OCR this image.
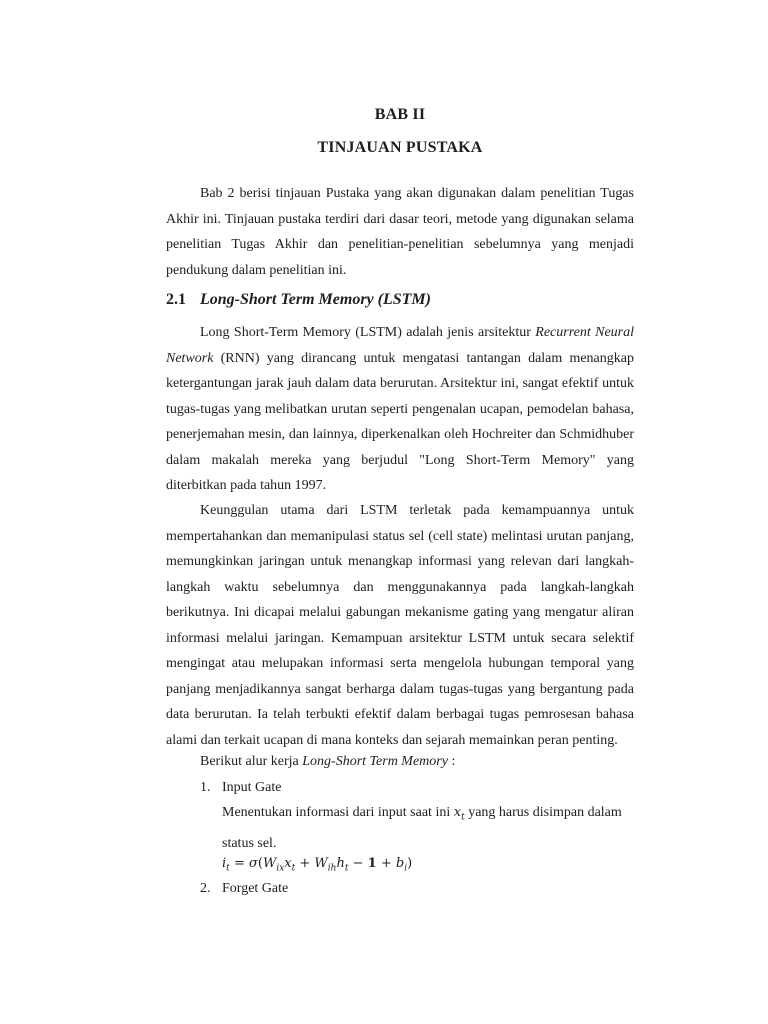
BAB II
TINJAUAN PUSTAKA

Bab 2 berisi tinjauan Pustaka yang akan digunakan dalam penelitian Tugas Akhir ini. Tinjauan pustaka terdiri dari dasar teori, metode yang digunakan selama penelitian Tugas Akhir dan penelitian-penelitian sebelumnya yang menjadi pendukung dalam penelitian ini.

2.1 Long-Short Term Memory (LSTM)

Long Short-Term Memory (LSTM) adalah jenis arsitektur Recurrent Neural Network (RNN) yang dirancang untuk mengatasi tantangan dalam menangkap ketergantungan jarak jauh dalam data berurutan. Arsitektur ini, sangat efektif untuk tugas-tugas yang melibatkan urutan seperti pengenalan ucapan, pemodelan bahasa, penerjemahan mesin, dan lainnya, diperkenalkan oleh Hochreiter dan Schmidhuber dalam makalah mereka yang berjudul "Long Short-Term Memory" yang diterbitkan pada tahun 1997.

Keunggulan utama dari LSTM terletak pada kemampuannya untuk mempertahankan dan memanipulasi status sel (cell state) melintasi urutan panjang, memungkinkan jaringan untuk menangkap informasi yang relevan dari langkah-langkah waktu sebelumnya dan menggunakannya pada langkah-langkah berikutnya. Ini dicapai melalui gabungan mekanisme gating yang mengatur aliran informasi melalui jaringan. Kemampuan arsitektur LSTM untuk secara selektif mengingat atau melupakan informasi serta mengelola hubungan temporal yang panjang menjadikannya sangat berharga dalam tugas-tugas yang bergantung pada data berurutan. Ia telah terbukti efektif dalam berbagai tugas pemrosesan bahasa alami dan terkait ucapan di mana konteks dan sejarah memainkan peran penting.

Berikut alur kerja Long-Short Term Memory :

1. Input Gate
Menentukan informasi dari input saat ini $x_t$ yang harus disimpan dalam status sel.
$i_t = \sigma(W_{ix}x_t + W_{ih}h_t - 1 + b_i)$
2. Forget Gate
